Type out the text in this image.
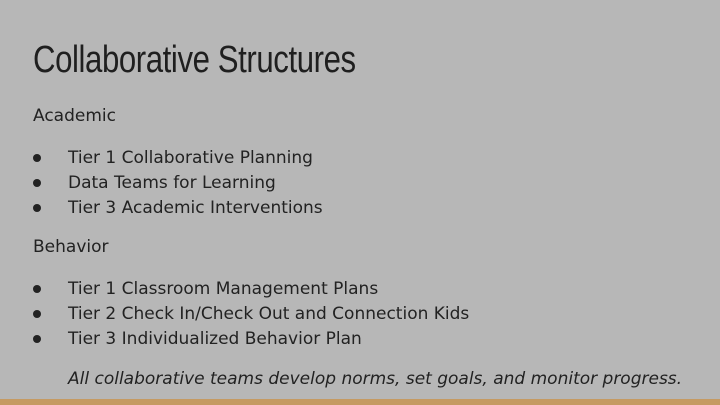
Collaborative Structures
Academic
Tier 1 Collaborative Planning
Data Teams for Learning
Tier 3 Academic Interventions
Behavior
Tier 1 Classroom Management Plans
Tier 2 Check In/Check Out and Connection Kids
Tier 3 Individualized Behavior Plan
All collaborative teams develop norms, set goals, and monitor progress.
